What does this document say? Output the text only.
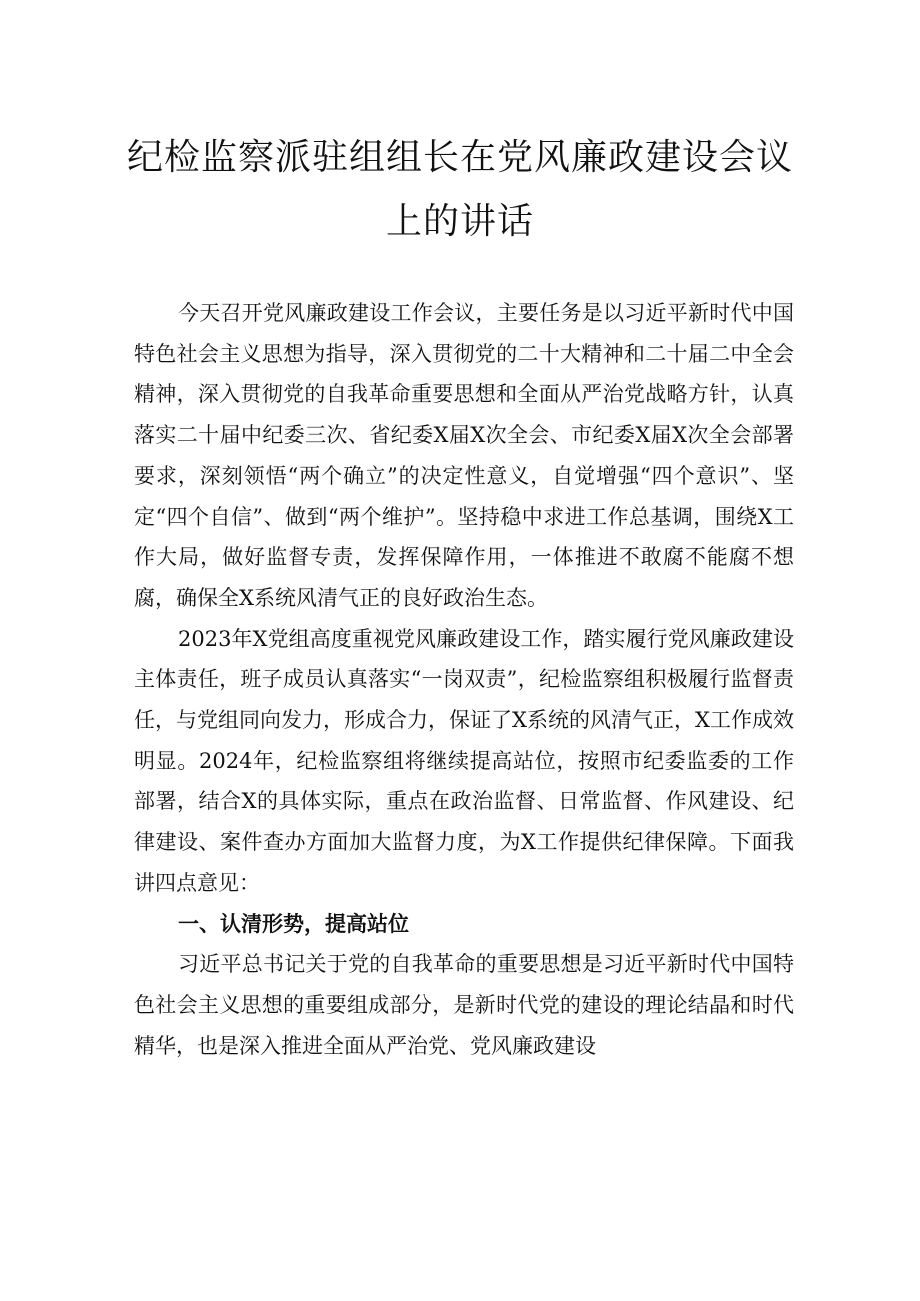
纪检监察派驻组组长在党风廉政建设会议
上的讲话

今天召开党风廉政建设工作会议，主要任务是以习近平新时代中国特色社会主义思想为指导，深入贯彻党的二十大精神和二十届二中全会精神，深入贯彻党的自我革命重要思想和全面从严治党战略方针，认真落实二十届中纪委三次、省纪委X届X次全会、市纪委X届X次全会部署要求，深刻领悟“两个确立”的决定性意义，自觉增强“四个意识”、坚定“四个自信”、做到“两个维护”。坚持稳中求进工作总基调，围绕X工作大局，做好监督专责，发挥保障作用，一体推进不敢腐不能腐不想腐，确保全X系统风清气正的良好政治生态。

2023年X党组高度重视党风廉政建设工作，踏实履行党风廉政建设主体责任，班子成员认真落实“一岗双责”，纪检监察组积极履行监督责任，与党组同向发力，形成合力，保证了X系统的风清气正，X工作成效明显。2024年，纪检监察组将继续提高站位，按照市纪委监委的工作部署，结合X的具体实际，重点在政治监督、日常监督、作风建设、纪律建设、案件查办方面加大监督力度，为X工作提供纪律保障。下面我讲四点意见：

一、认清形势，提高站位

习近平总书记关于党的自我革命的重要思想是习近平新时代中国特色社会主义思想的重要组成部分，是新时代党的建设的理论结晶和时代精华，也是深入推进全面从严治党、党风廉政建设
